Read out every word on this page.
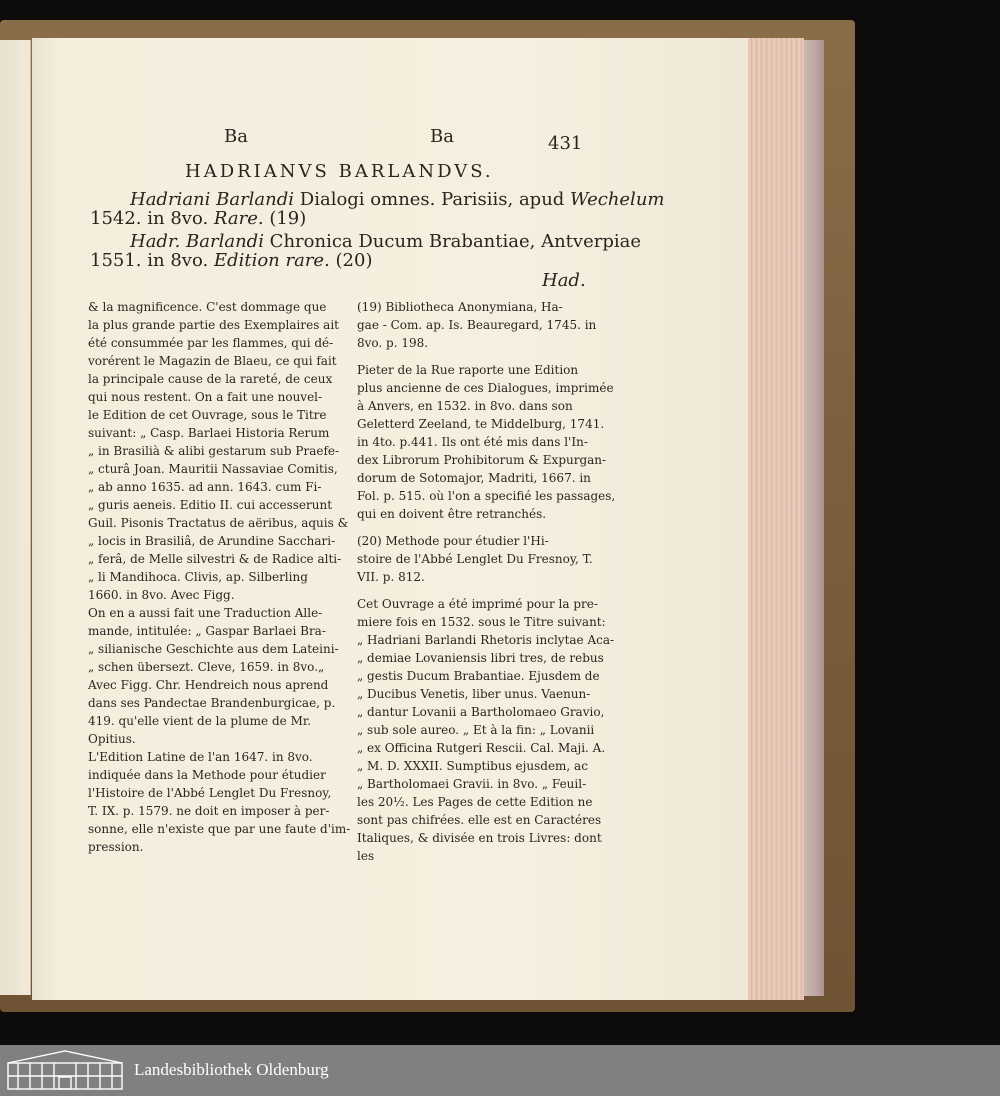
Ba	Ba	431
HADRIANVS BARLANDVS.
Hadriani Barlandi Dialogi omnes. Parisiis, apud Wechelum
1542. in 8vo. Rare. (19)
Hadr. Barlandi Chronica Ducum Brabantiae, Antverpiae
1551. in 8vo. Edition rare. (20)
Had.
& la magnificence. C'est dommage que
la plus grande partie des Exemplaires ait
été consummée par les flammes, qui dé-
vorérent le Magazin de Blaeu, ce qui fait
la principale cause de la rareté, de ceux
qui nous restent. On a fait une nouvel-
le Edition de cet Ouvrage, sous le Titre
suivant: „ Casp. Barlaei Historia Rerum
„ in Brasilià & alibi gestarum sub Praefe-
„ cturâ Joan. Mauritii Nassaviae Comitis,
„ ab anno 1635. ad ann. 1643. cum Fi-
„ guris aeneis. Editio II. cui accesserunt
Guil. Pisonis Tractatus de aëribus, aquis &
„ locis in Brasiliâ, de Arundine Sacchari-
„ ferâ, de Melle silvestri & de Radice alti-
„ li Mandihoca. Clivis, ap. Silberling
1660. in 8vo. Avec Figg.
On en a aussi fait une Traduction Alle-
mande, intitulée: „ Gaspar Barlaei Bra-
„ silianische Geschichte aus dem Lateini-
„ schen übersezt. Cleve, 1659. in 8vo.„
Avec Figg. Chr. Hendreich nous aprend
dans ses Pandectae Brandenburgicae, p.
419. qu'elle vient de la plume de Mr.
Opitius.
L'Edition Latine de l'an 1647. in 8vo.
indiquée dans la Methode pour étudier
l'Histoire de l'Abbé Lenglet Du Fresnoy,
T. IX. p. 1579. ne doit en imposer à per-
sonne, elle n'existe que par une faute d'im-
pression.
(19) Bibliotheca Anonymiana, Ha-
gae - Com. ap. Is. Beauregard, 1745. in
8vo. p. 198.
Pieter de la Rue raporte une Edition
plus ancienne de ces Dialogues, imprimée
à Anvers, en 1532. in 8vo. dans son
Geletterd Zeeland, te Middelburg, 1741.
in 4to. p.441. Ils ont été mis dans l'In-
dex Librorum Prohibitorum & Expurgan-
dorum de Sotomajor, Madriti, 1667. in
Fol. p. 515. où l'on a specifié les passages,
qui en doivent être retranchés.
(20) Methode pour étudier l'Hi-
stoire de l'Abbé Lenglet Du Fresnoy, T.
VII. p. 812.
Cet Ouvrage a été imprimé pour la pre-
miere fois en 1532. sous le Titre suivant:
„ Hadriani Barlandi Rhetoris inclytae Aca-
„ demiae Lovaniensis libri tres, de rebus
„ gestis Ducum Brabantiae. Ejusdem de
„ Ducibus Venetis, liber unus. Vaenun-
„ dantur Lovanii a Bartholomaeo Gravio,
„ sub sole aureo. „ Et à la fin: „ Lovanii
„ ex Officina Rutgeri Rescii. Cal. Maji. A.
„ M. D. XXXII. Sumptibus ejusdem, ac
„ Bartholomaei Gravii. in 8vo. „ Feuil-
les 20½. Les Pages de cette Edition ne
sont pas chifrées. elle est en Caractéres
Italiques, & divisée en trois Livres: dont
les
Landesbibliothek Oldenburg
